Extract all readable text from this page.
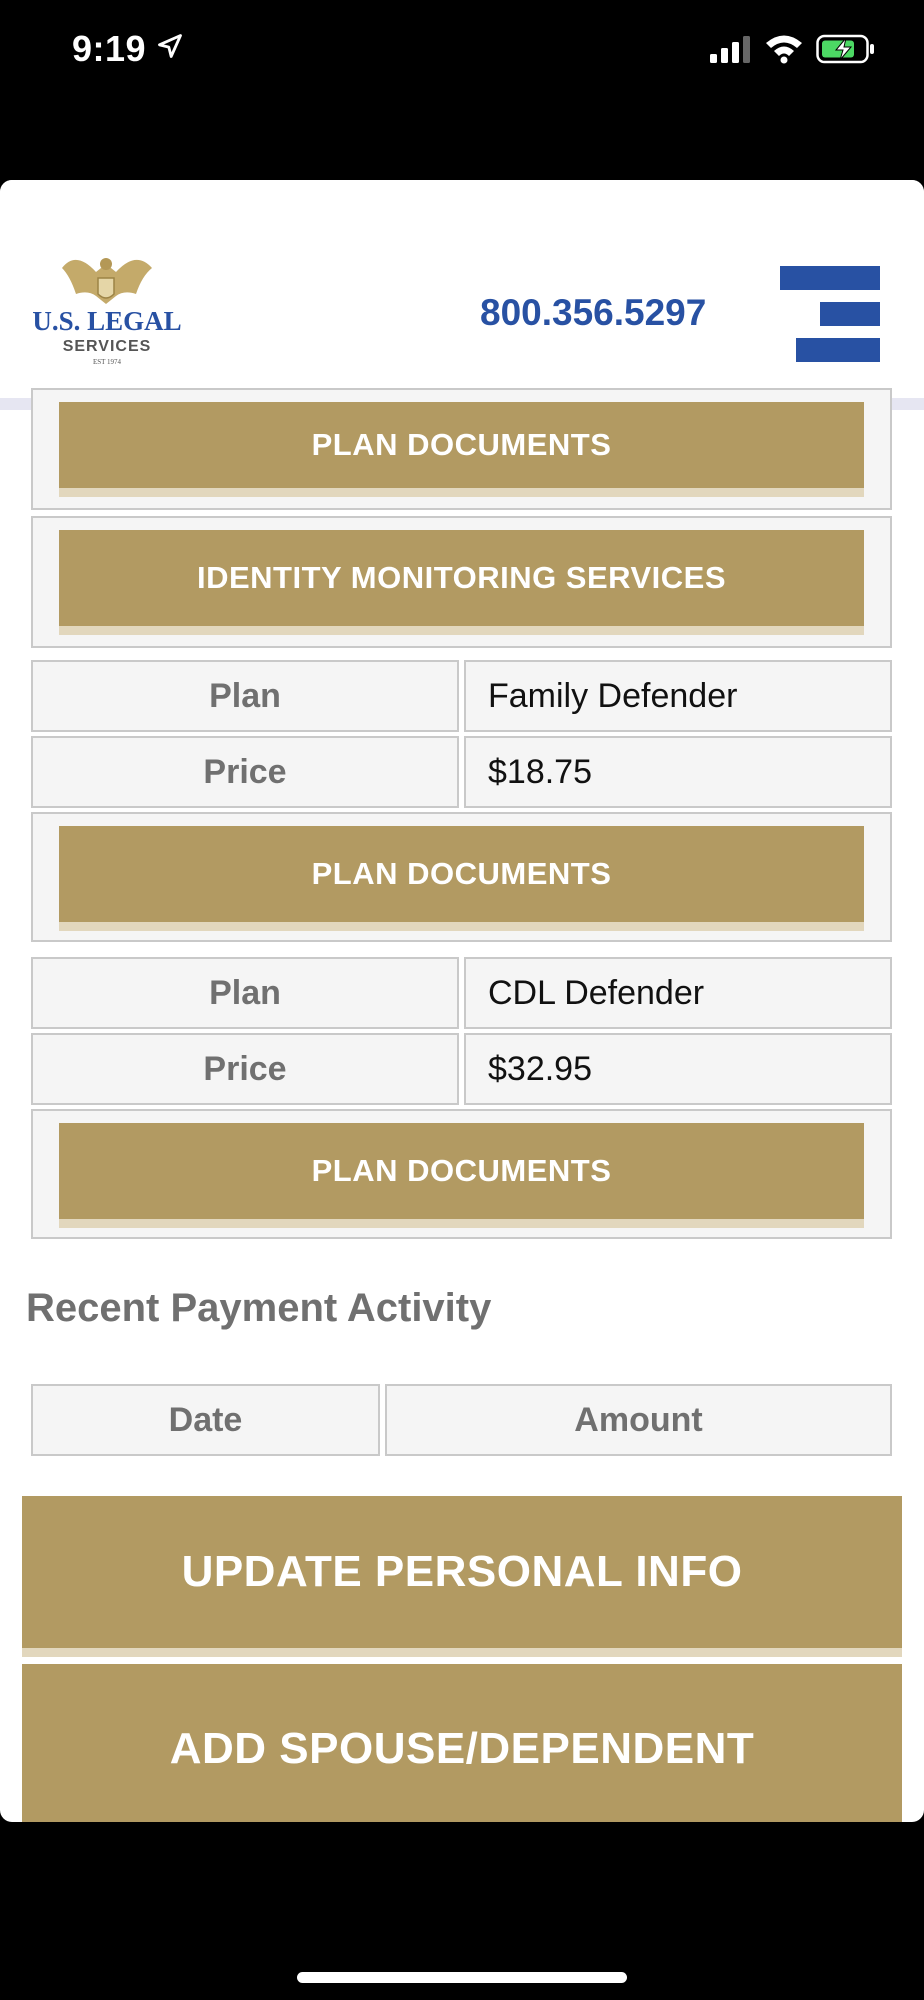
9:19
U.S. LEGAL
SERVICES
EST 1974
800.356.5297
PLAN DOCUMENTS
IDENTITY MONITORING SERVICES
Plan	Family Defender
Price	$18.75
PLAN DOCUMENTS
Plan	CDL Defender
Price	$32.95
PLAN DOCUMENTS
Recent Payment Activity
Date	Amount
UPDATE PERSONAL INFO
ADD SPOUSE/DEPENDENT
